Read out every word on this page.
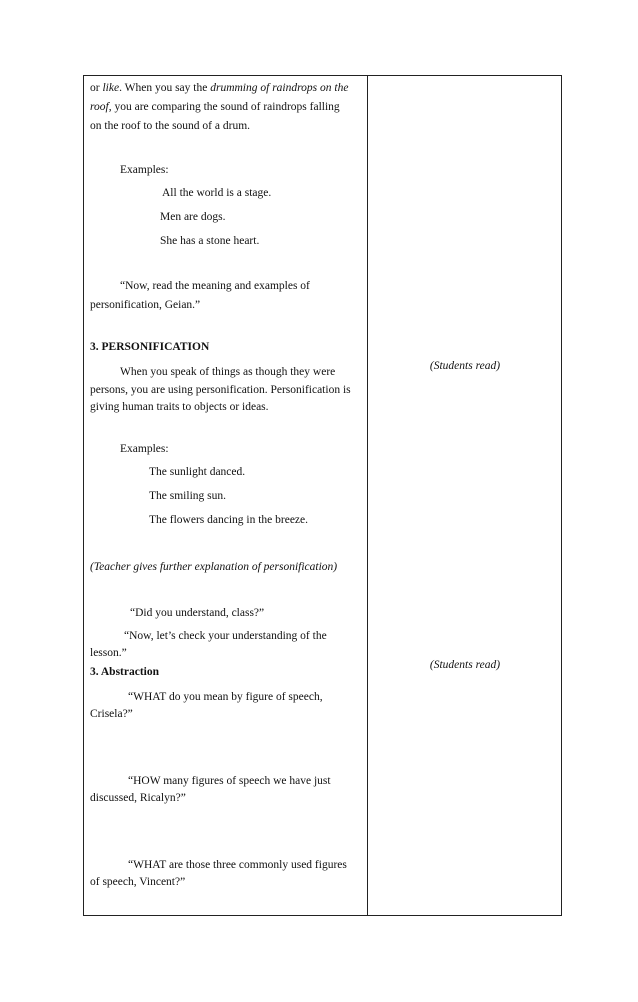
or like. When you say the drumming of raindrops on the
roof, you are comparing the sound of raindrops falling
on the roof to the sound of a drum.
Examples:
All the world is a stage.
Men are dogs.
She has a stone heart.
“Now, read the meaning and examples of
personification, Geian.”
3. PERSONIFICATION
When you speak of things as though they were
persons, you are using personification. Personification is
giving human traits to objects or ideas.
Examples:
The sunlight danced.
The smiling sun.
The flowers dancing in the breeze.
(Teacher gives further explanation of personification)
“Did you understand, class?”
“Now, let’s check your understanding of the
lesson.”
3. Abstraction
“WHAT do you mean by figure of speech,
Crisela?”
“HOW many figures of speech we have just
discussed, Ricalyn?”
“WHAT are those three commonly used figures
of speech, Vincent?”
(Students read)
(Students read)
